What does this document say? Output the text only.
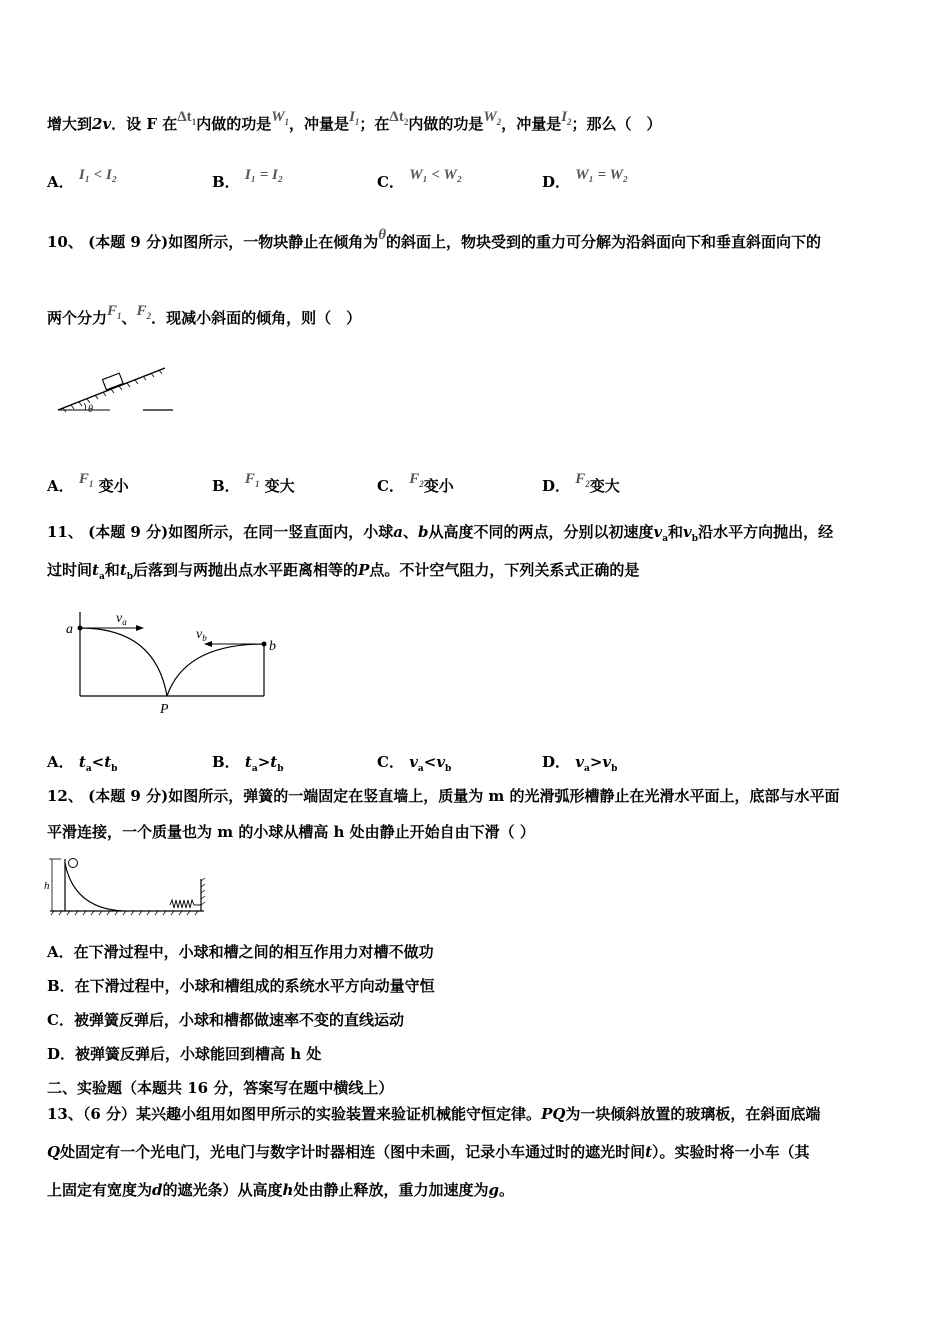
增大到2v．设 F 在$\Delta t_1$内做的功是$W_1$，冲量是$I_1$；在$\Delta t_2$内做的功是$W_2$，冲量是$I_2$；那么（　）
A． I₁ < I₂	B． I₁ = I₂	C． W₁ < W₂	D． W₁ = W₂
10、 (本题 9 分)如图所示，一物块静止在倾角为θ的斜面上，物块受到的重力可分解为沿斜面向下和垂直斜面向下的
两个分力$F_1$、$F_2$．现减小斜面的倾角，则（　）
θ
A． $F_1$ 变小	B． $F_1$ 变大	C． $F_2$变小	D． $F_2$变大
11、 (本题 9 分)如图所示，在同一竖直面内，小球a、b从高度不同的两点，分别以初速度$v_a$和$v_b$沿水平方向抛出，经
过时间$t_a$和$t_b$后落到与两抛出点水平距离相等的P点。不计空气阻力，下列关系式正确的是
a
b
$v_a$
$v_b$
P
A． $t_a<t_b$	B． $t_a>t_b$	C． $v_a<v_b$	D． $v_a>v_b$
12、 (本题 9 分)如图所示，弹簧的一端固定在竖直墙上，质量为 m 的光滑弧形槽静止在光滑水平面上，底部与水平面
平滑连接，一个质量也为 m 的小球从槽高 h 处由静止开始自由下滑（ ）
h
A．在下滑过程中，小球和槽之间的相互作用力对槽不做功
B．在下滑过程中，小球和槽组成的系统水平方向动量守恒
C．被弹簧反弹后，小球和槽都做速率不变的直线运动
D．被弹簧反弹后，小球能回到槽高 h 处
二、实验题（本题共 16 分，答案写在题中横线上）
13、（6 分）某兴趣小组用如图甲所示的实验装置来验证机械能守恒定律。PQ为一块倾斜放置的玻璃板，在斜面底端
Q处固定有一个光电门，光电门与数字计时器相连（图中未画，记录小车通过时的遮光时间t）。实验时将一小车（其
上固定有宽度为d的遮光条）从高度h处由静止释放，重力加速度为g。
